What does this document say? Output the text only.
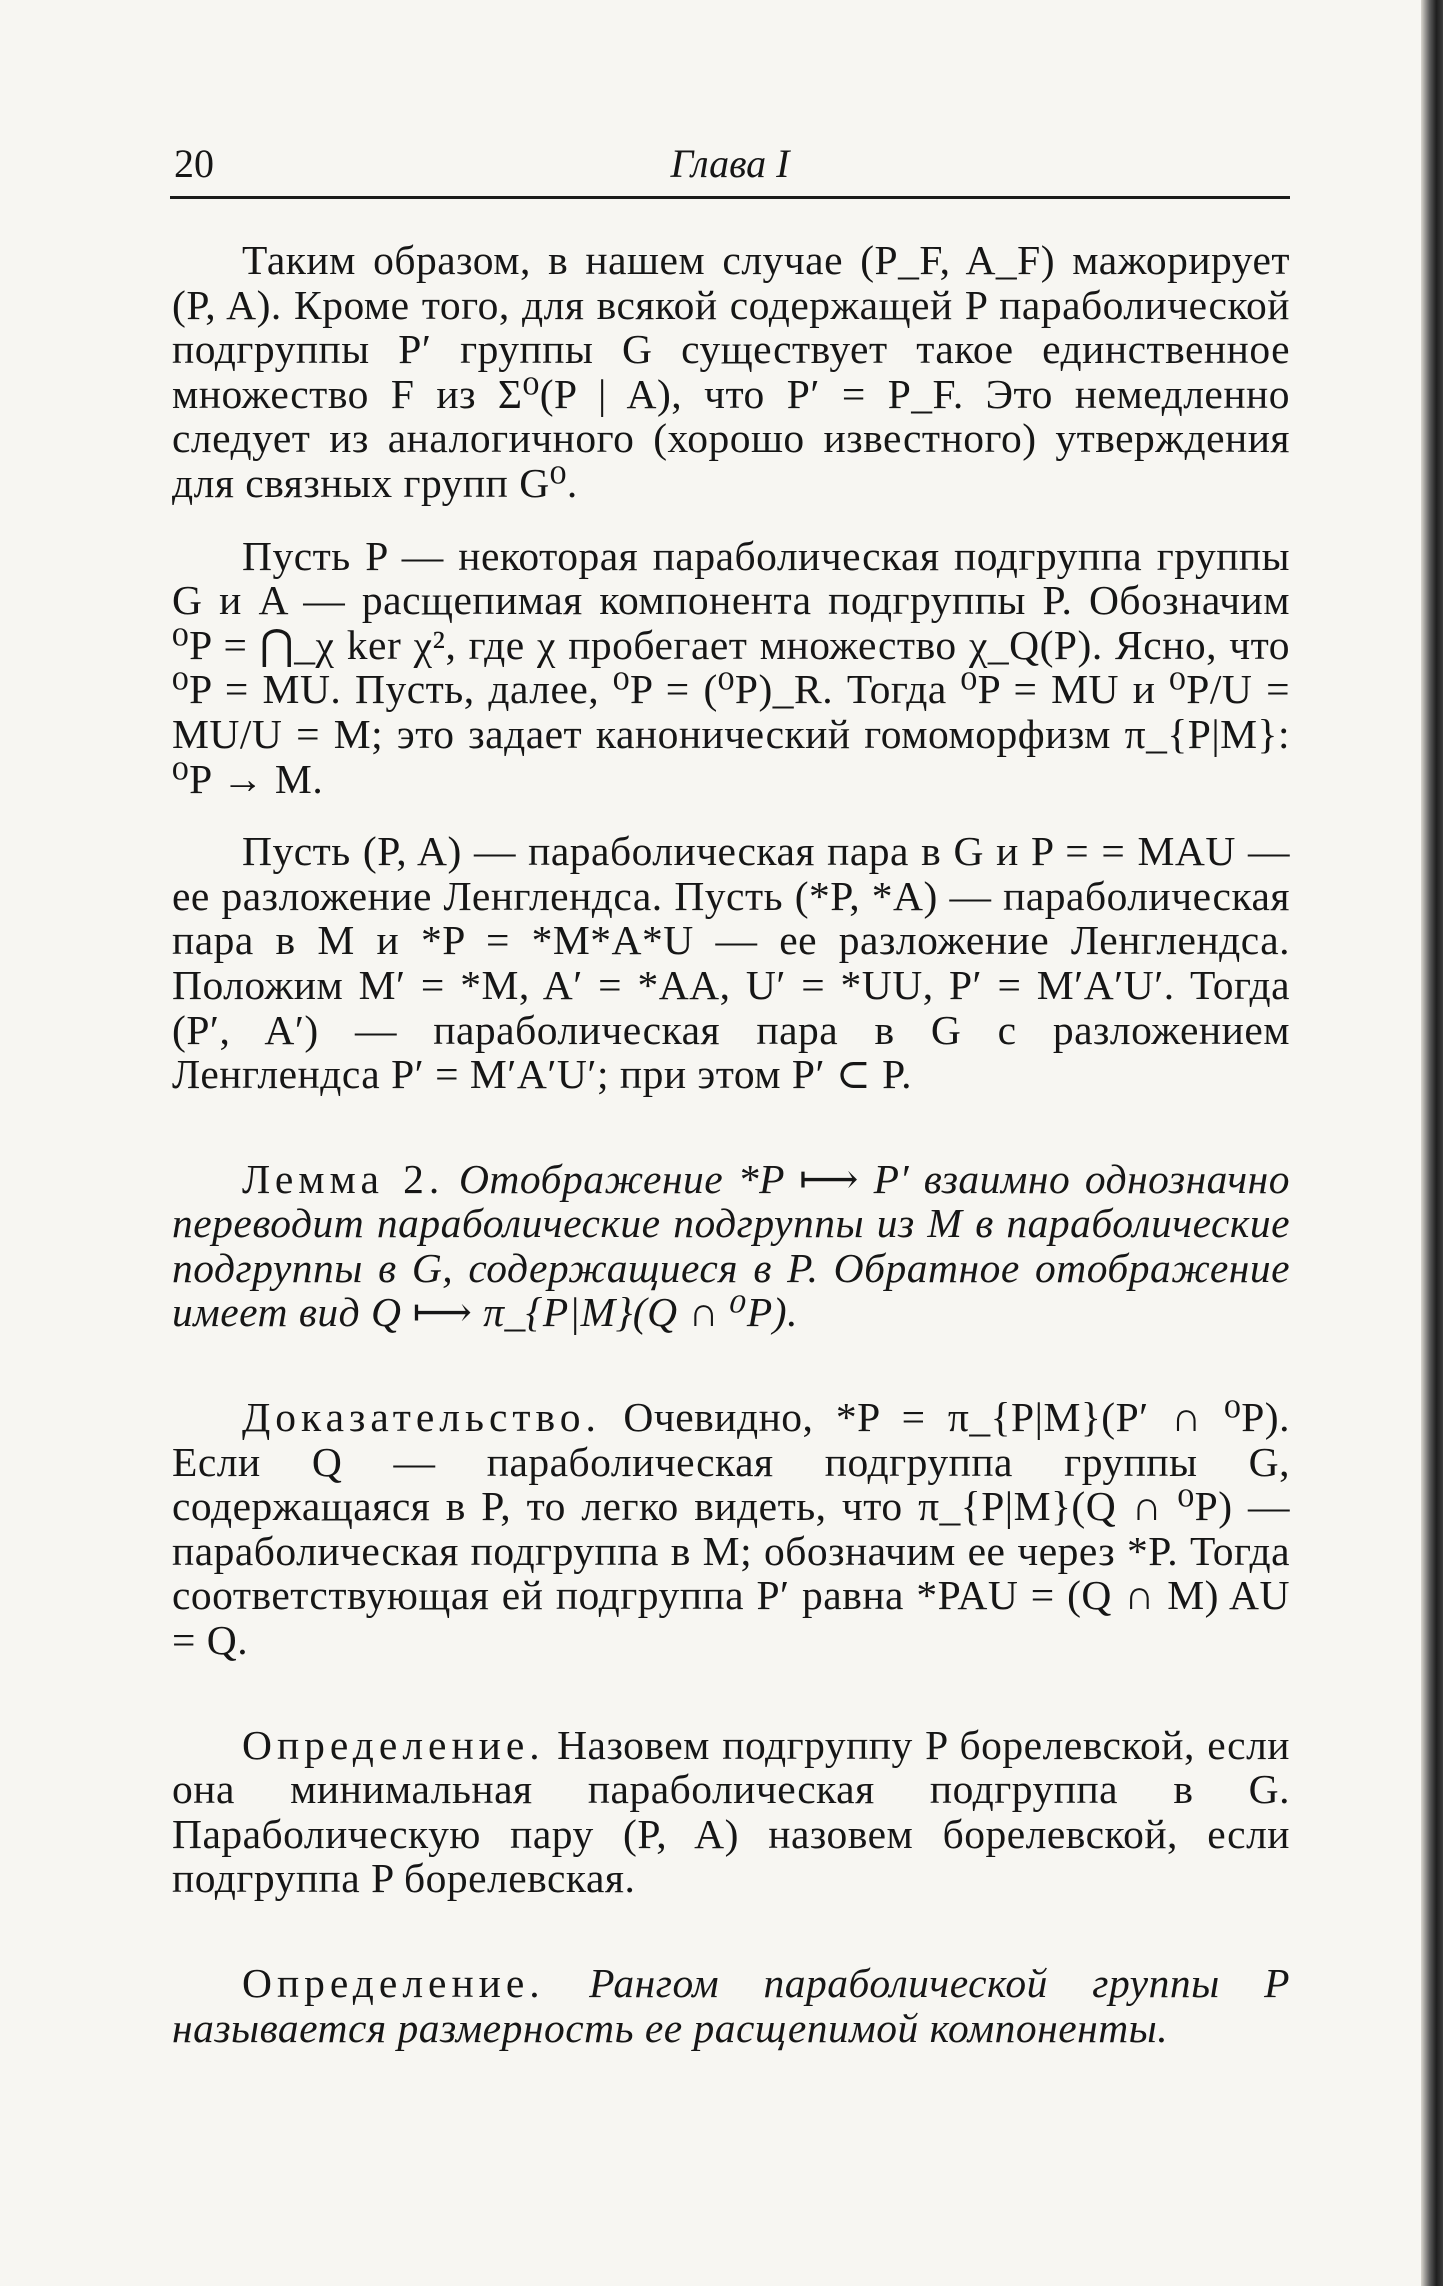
20	Глава I

Таким образом, в нашем случае (P_F, A_F) мажорирует (P, A). Кроме того, для всякой содержащей P параболической подгруппы P′ группы G существует такое единственное множество F из Σ⁰(P | A), что P′ = P_F. Это немедленно следует из аналогичного (хорошо известного) утверждения для связных групп G⁰.

Пусть P — некоторая параболическая подгруппа группы G и A — расщепимая компонента подгруппы P. Обозначим ⁰P = ⋂_χ ker χ², где χ пробегает множество χ_Q(P). Ясно, что ⁰P = MU. Пусть, далее, ⁰P = (⁰P)_R. Тогда ⁰P = MU и ⁰P/U = MU/U = M; это задает канонический гомоморфизм π_{P|M}: ⁰P → M.

Пусть (P, A) — параболическая пара в G и P = = MAU — ее разложение Ленглендса. Пусть (*P, *A) — параболическая пара в M и *P = *M*A*U — ее разложение Ленглендса. Положим M′ = *M, A′ = *AA, U′ = *UU, P′ = M′A′U′. Тогда (P′, A′) — параболическая пара в G с разложением Ленглендса P′ = M′A′U′; при этом P′ ⊂ P.

Лемма 2. Отображение *P ⟼ P′ взаимно однозначно переводит параболические подгруппы из M в параболические подгруппы в G, содержащиеся в P. Обратное отображение имеет вид Q ⟼ π_{P|M}(Q ∩ ⁰P).

Доказательство. Очевидно, *P = π_{P|M}(P′ ∩ ⁰P). Если Q — параболическая подгруппа группы G, содержащаяся в P, то легко видеть, что π_{P|M}(Q ∩ ⁰P) — параболическая подгруппа в M; обозначим ее через *P. Тогда соответствующая ей подгруппа P′ равна *PAU = (Q ∩ M) AU = Q.

Определение. Назовем подгруппу P борелевской, если она минимальная параболическая подгруппа в G. Параболическую пару (P, A) назовем борелевской, если подгруппа P борелевская.

Определение. Рангом параболической группы P называется размерность ее расщепимой компоненты.
